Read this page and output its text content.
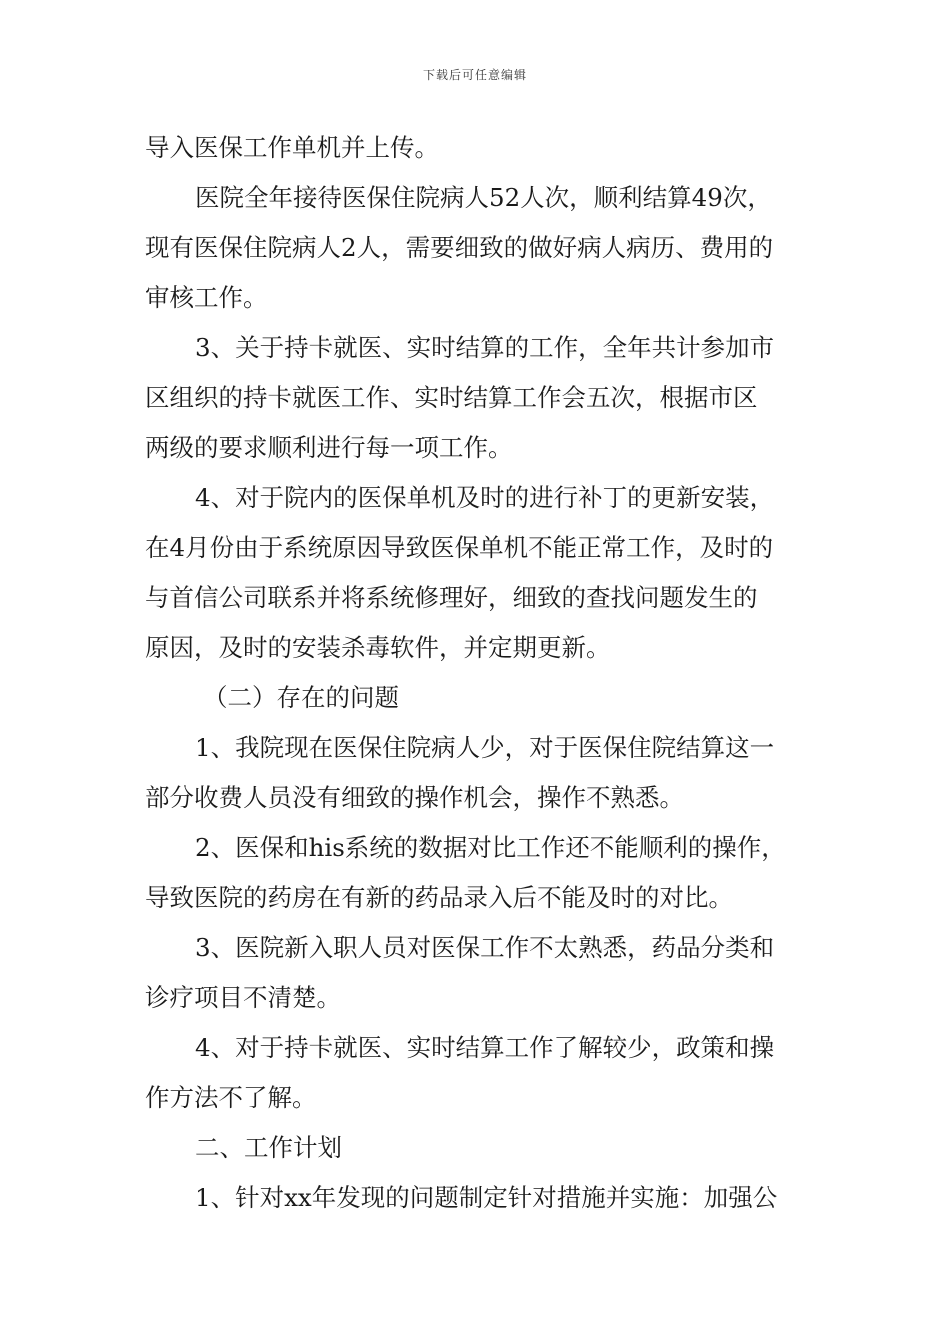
下载后可任意编辑
导入医保工作单机并上传。
医院全年接待医保住院病人52人次，顺利结算49次，
现有医保住院病人2人，需要细致的做好病人病历、费用的
审核工作。
3、关于持卡就医、实时结算的工作，全年共计参加市
区组织的持卡就医工作、实时结算工作会五次，根据市区
两级的要求顺利进行每一项工作。
4、对于院内的医保单机及时的进行补丁的更新安装，
在4月份由于系统原因导致医保单机不能正常工作，及时的
与首信公司联系并将系统修理好，细致的查找问题发生的
原因，及时的安装杀毒软件，并定期更新。
（二）存在的问题
1、我院现在医保住院病人少，对于医保住院结算这一
部分收费人员没有细致的操作机会，操作不熟悉。
2、医保和his系统的数据对比工作还不能顺利的操作，
导致医院的药房在有新的药品录入后不能及时的对比。
3、医院新入职人员对医保工作不太熟悉，药品分类和
诊疗项目不清楚。
4、对于持卡就医、实时结算工作了解较少，政策和操
作方法不了解。
二、工作计划
1、针对xx年发现的问题制定针对措施并实施：加强公
